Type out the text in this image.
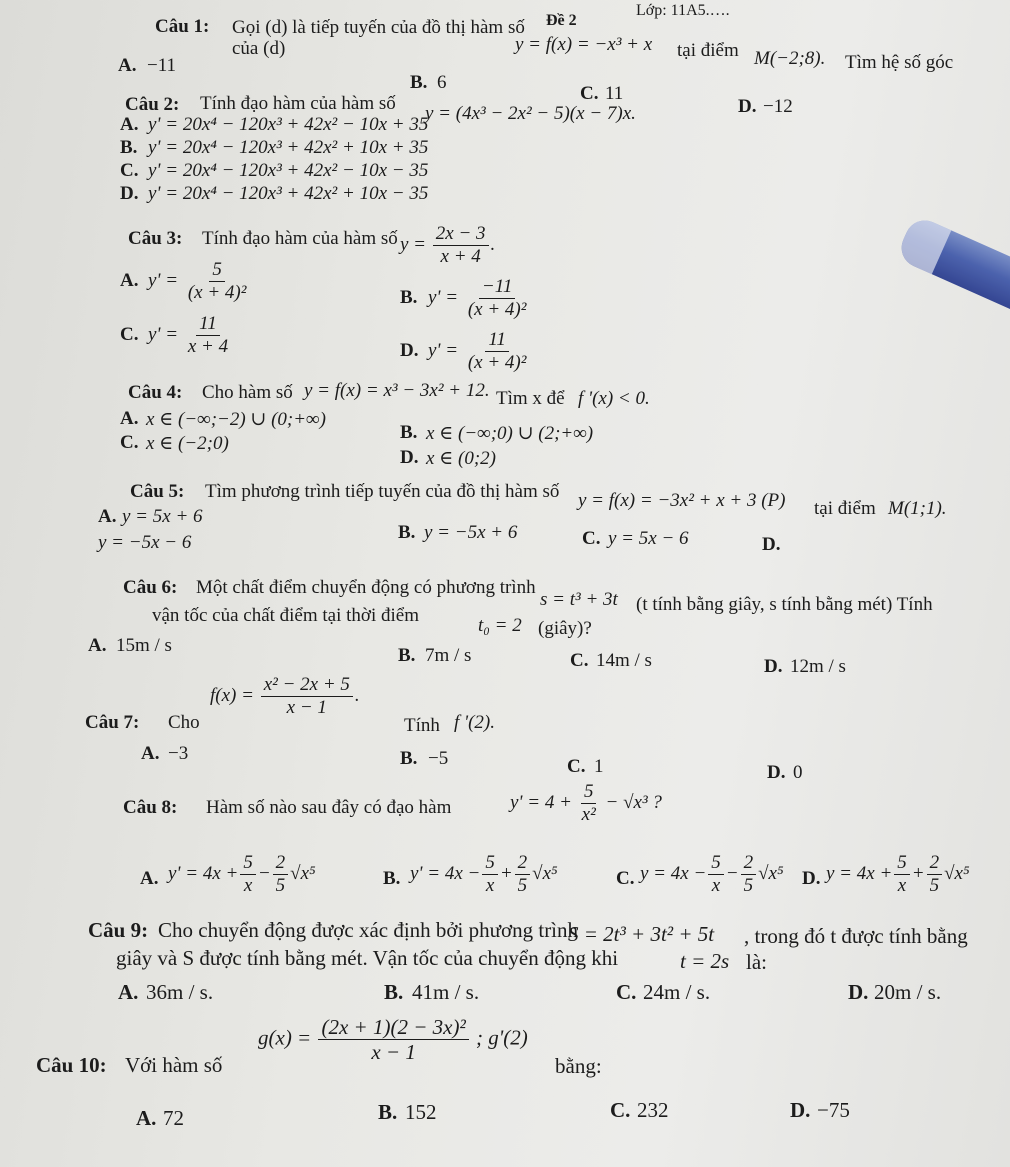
Lớp: 11A5.….
Đề 2
Câu 1: Gọi (d) là tiếp tuyến của đồ thị hàm số
y = f(x) = −x³ + x tại điểm M(−2;8). Tìm hệ số góc
của (d)
A. −11
B. 6
C. 11
D. −12
Câu 2: Tính đạo hàm của hàm số y = (4x³ − 2x² − 5)(x − 7)x.
A. y' = 20x⁴ − 120x³ + 42x² − 10x + 35
B. y' = 20x⁴ − 120x³ + 42x² + 10x + 35
C. y' = 20x⁴ − 120x³ + 42x² − 10x − 35
D. y' = 20x⁴ − 120x³ + 42x² + 10x − 35
Câu 3: Tính đạo hàm của hàm số $y = \frac{2x - 3}{x + 4}$ .
A. $y' = \frac{5}{\text{(x + 4)²}}$	B. $y' = \frac{-11}{\text{(x + 4)²}}$
C. $y' = \frac{11}{x + 4}$	D. $y' = \frac{11}{\text{(x + 4)²}}$
Câu 4: Cho hàm số y = f(x) = x³ − 3x² + 12. Tìm x để f '(x) < 0.
A. x ∈ (−∞;−2) ∪ (0;+∞)
B. x ∈ (−∞;0) ∪ (2;+∞)
C. x ∈ (−2;0)
D. x ∈ (0;2)
Câu 5: Tìm phương trình tiếp tuyến của đồ thị hàm số y = f(x) = −3x² + x + 3 (P) tại điểm M(1;1).
A. y = 5x + 6
B. y = −5x + 6	C. y = 5x − 6	D.
y = −5x − 6
Câu 6: Một chất điểm chuyển động có phương trình
s = t³ + 3t (t tính bằng giây, s tính bằng mét) Tính
vận tốc của chất điểm tại thời điểm	t₀ = 2 (giây)?
A. 15m / s	B. 7m / s	C. 14m / s	D. 12m / s
Câu 7: Cho
$f(x) = \frac{\text{x² − 2x + 5}}{x - 1}$ .
Tính f '(2).
A. −3	B. −5	C. 1	D. 0
Câu 8: Hàm số nào sau đây có đạo hàm	$y' = 4 + \frac{5}{\text{x²}} - √x^3$ ?
A. $y' = 4x + \frac{5}{x} - \frac{2}{5} √x^5$	B. $y' = 4x - \frac{5}{x} + \frac{2}{5} √x^5$	C. $y = 4x - \frac{5}{x} - \frac{2}{5} √x^5$ D. $y = 4x + \frac{5}{x} + \frac{2}{5} √x^5$
Câu 9: Cho chuyển động được xác định bởi phương trình
S = 2t³ + 3t² + 5t , trong đó t được tính bằng
giây và S được tính bằng mét. Vận tốc của chuyển động khi	t = 2s là:
A. 36m / s.	B. 41m / s.	C. 24m / s.	D. 20m / s.
Câu 10: Với hàm số
$g(x) = \frac{\text{(2x + 1)(2 − 3x)²}}{x - 1}$ ; g'(2)
bằng:
A. 72	B. 152	C. 232	D. −75
